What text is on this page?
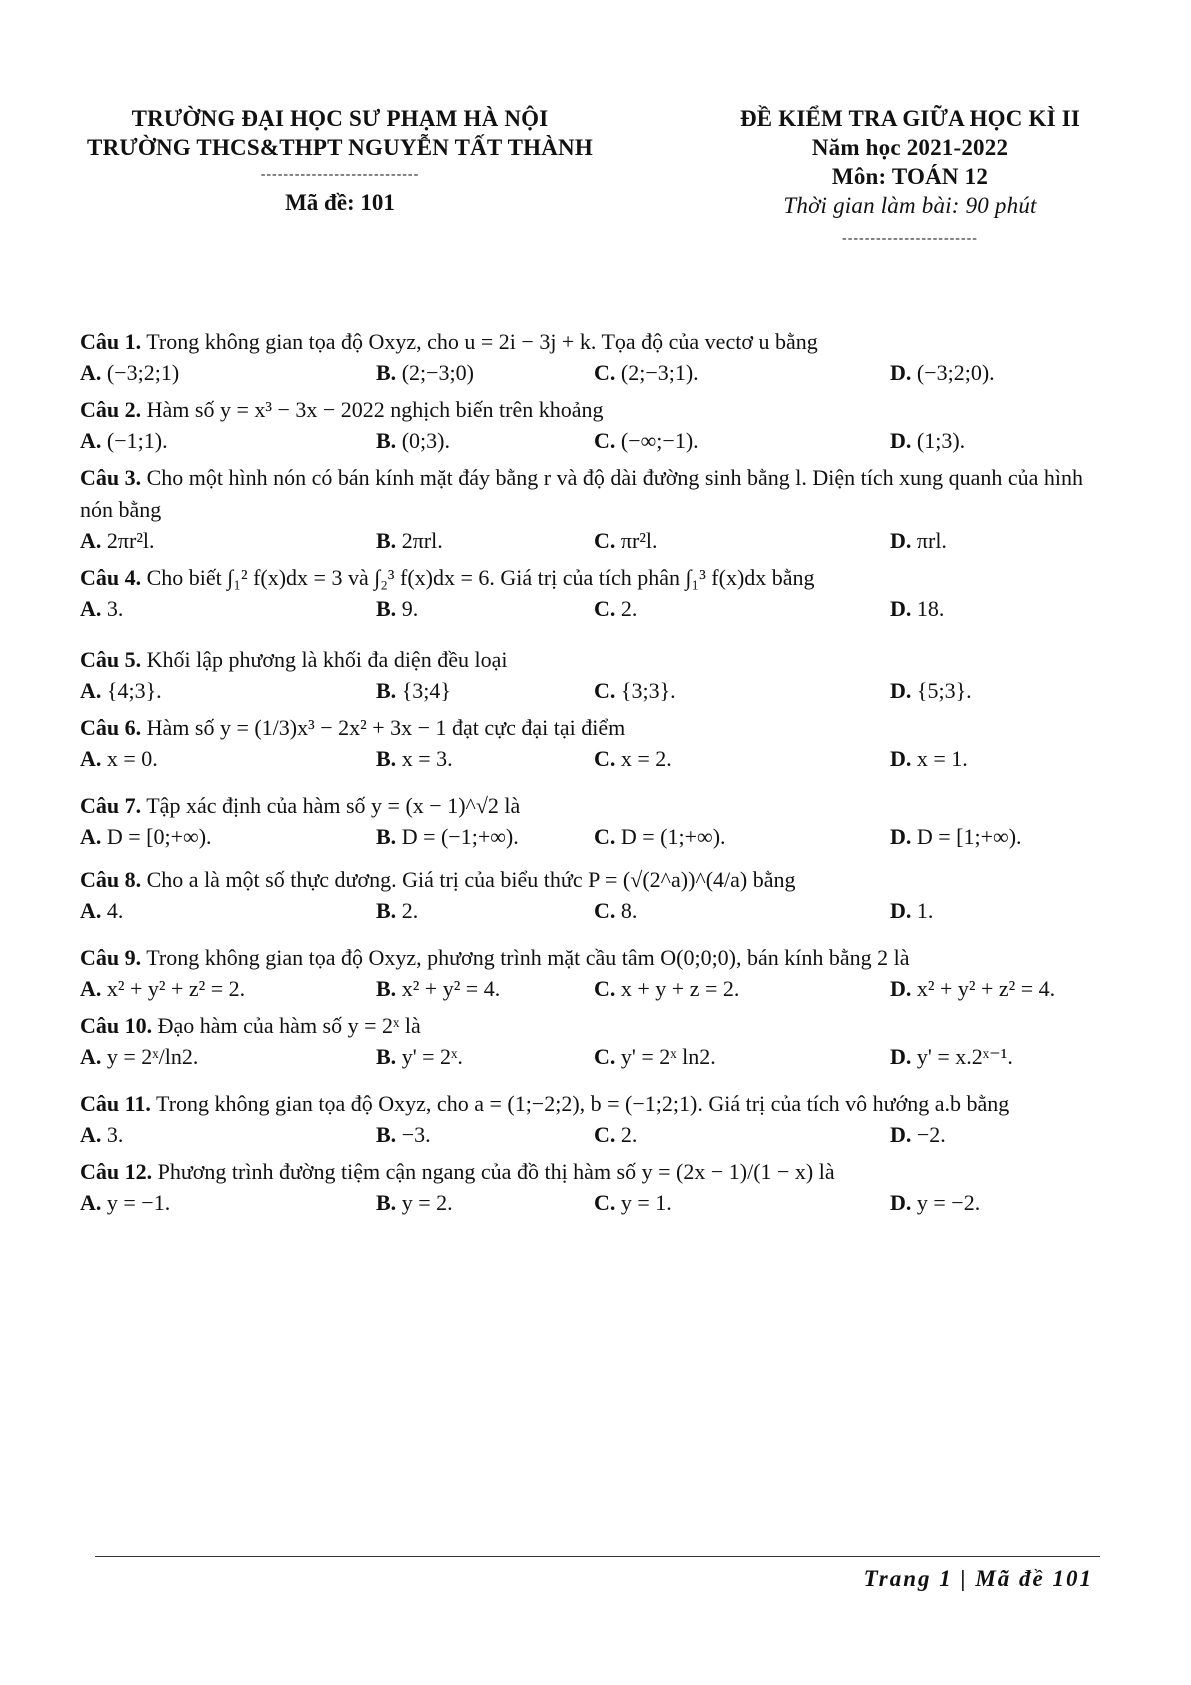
TRƯỜNG ĐẠI HỌC SƯ PHẠM HÀ NỘI
TRƯỜNG THCS&THPT NGUYỄN TẤT THÀNH
----------------------------
Mã đề: 101
ĐỀ KIỂM TRA GIỮA HỌC KÌ II
Năm học 2021-2022
Môn: TOÁN 12
Thời gian làm bài: 90 phút
------------------------
Câu 1. Trong không gian tọa độ Oxyz, cho u = 2i − 3j + k. Tọa độ của vectơ u bằng
A. (−3;2;1)	B. (2;−3;0)	C. (2;−3;1).	D. (−3;2;0).
Câu 2. Hàm số y = x³ − 3x − 2022 nghịch biến trên khoảng
A. (−1;1).	B. (0;3).	C. (−∞;−1).	D. (1;3).
Câu 3. Cho một hình nón có bán kính mặt đáy bằng r và độ dài đường sinh bằng l. Diện tích xung quanh của hình nón bằng
A. 2πr²l.	B. 2πrl.	C. πr²l.	D. πrl.
Câu 4. Cho biết ∫₁² f(x)dx = 3 và ∫₂³ f(x)dx = 6. Giá trị của tích phân ∫₁³ f(x)dx bằng
A. 3.	B. 9.	C. 2.	D. 18.
Câu 5. Khối lập phương là khối đa diện đều loại
A. {4;3}.	B. {3;4}	C. {3;3}.	D. {5;3}.
Câu 6. Hàm số y = (1/3)x³ − 2x² + 3x − 1 đạt cực đại tại điểm
A. x = 0.	B. x = 3.	C. x = 2.	D. x = 1.
Câu 7. Tập xác định của hàm số y = (x − 1)^√2 là
A. D = [0;+∞).	B. D = (−1;+∞).	C. D = (1;+∞).	D. D = [1;+∞).
Câu 8. Cho a là một số thực dương. Giá trị của biểu thức P = (√(2^a))^(4/a) bằng
A. 4.	B. 2.	C. 8.	D. 1.
Câu 9. Trong không gian tọa độ Oxyz, phương trình mặt cầu tâm O(0;0;0), bán kính bằng 2 là
A. x² + y² + z² = 2.	B. x² + y² = 4.	C. x + y + z = 2.	D. x² + y² + z² = 4.
Câu 10. Đạo hàm của hàm số y = 2ˣ là
A. y = 2ˣ/ln2.	B. y' = 2ˣ.	C. y' = 2ˣ ln2.	D. y' = x.2ˣ⁻¹.
Câu 11. Trong không gian tọa độ Oxyz, cho a = (1;−2;2), b = (−1;2;1). Giá trị của tích vô hướng a.b bằng
A. 3.	B. −3.	C. 2.	D. −2.
Câu 12. Phương trình đường tiệm cận ngang của đồ thị hàm số y = (2x − 1)/(1 − x) là
A. y = −1.	B. y = 2.	C. y = 1.	D. y = −2.
Trang 1 | Mã đề 101
